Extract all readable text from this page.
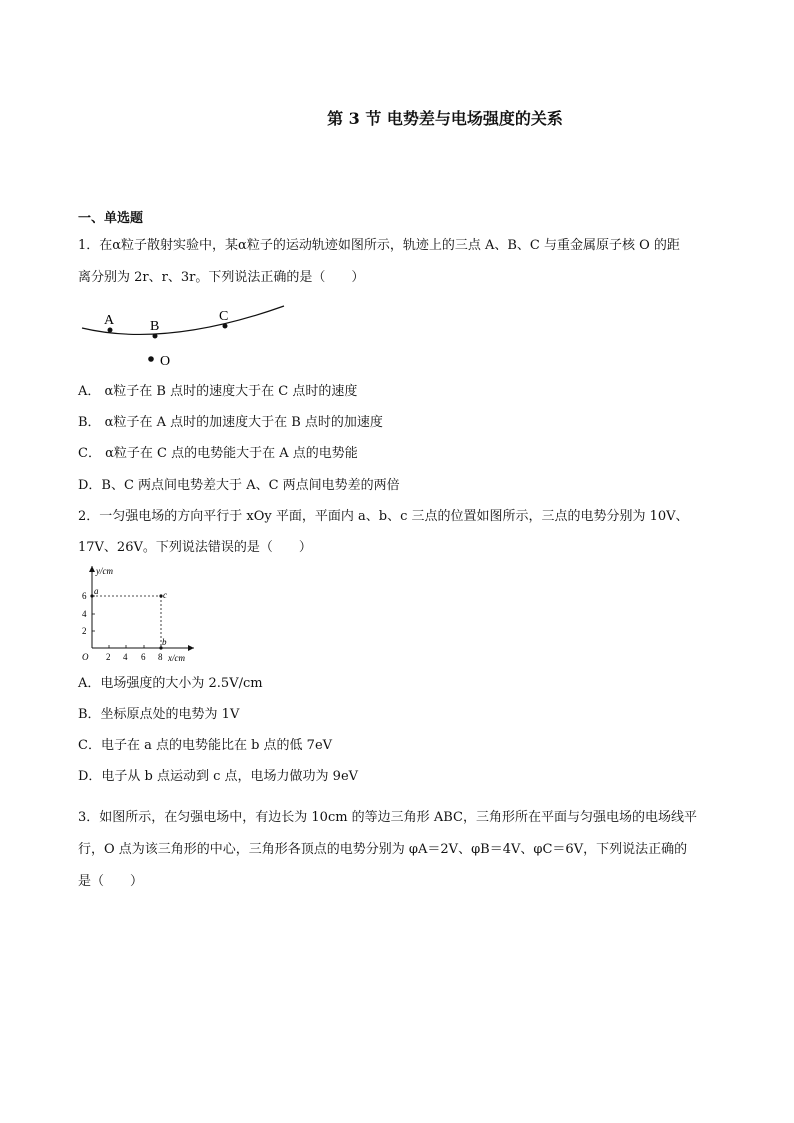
第 3 节 电势差与电场强度的关系
一、单选题
1．在α粒子散射实验中，某α粒子的运动轨迹如图所示，轨迹上的三点 A、B、C 与重金属原子核 O 的距
离分别为 2r、r、3r。下列说法正确的是（　　）
A	B
C
O
A． α粒子在 B 点时的速度大于在 C 点时的速度
B． α粒子在 A 点时的加速度大于在 B 点时的加速度
C． α粒子在 C 点的电势能大于在 A 点的电势能
D．B、C 两点间电势差大于 A、C 两点间电势差的两倍
2．一匀强电场的方向平行于 xOy 平面，平面内 a、b、c 三点的位置如图所示，三点的电势分别为 10V、
17V、26V。下列说法错误的是（　　）
y/cm
x/cm
O
6
4
2
2 4 6 8
a	c
b
A．电场强度的大小为 2.5V/cm
B．坐标原点处的电势为 1V
C．电子在 a 点的电势能比在 b 点的低 7eV
D．电子从 b 点运动到 c 点，电场力做功为 9eV
3．如图所示，在匀强电场中，有边长为 10cm 的等边三角形 ABC，三角形所在平面与匀强电场的电场线平
行，O 点为该三角形的中心，三角形各顶点的电势分别为 φA＝2V、φB＝4V、φC＝6V，下列说法正确的
是（　　）
